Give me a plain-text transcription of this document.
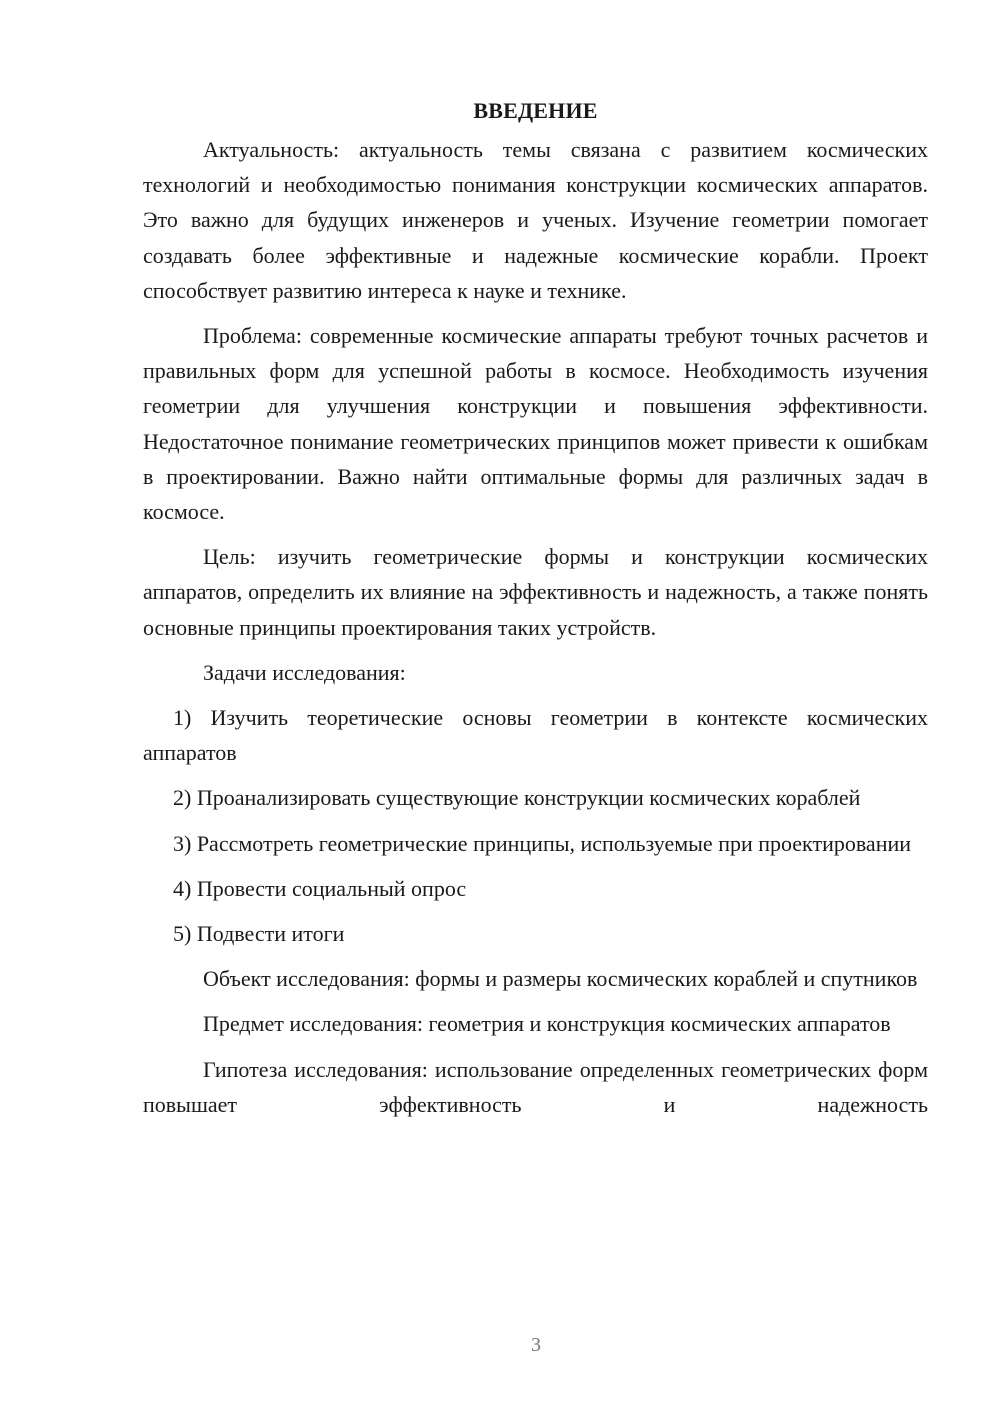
ВВЕДЕНИЕ

Актуальность: актуальность темы связана с развитием космических технологий и необходимостью понимания конструкции космических аппаратов. Это важно для будущих инженеров и ученых. Изучение геометрии помогает создавать более эффективные и надежные космические корабли. Проект способствует развитию интереса к науке и технике.

Проблема: современные космические аппараты требуют точных расчетов и правильных форм для успешной работы в космосе. Необходимость изучения геометрии для улучшения конструкции и повышения эффективности. Недостаточное понимание геометрических принципов может привести к ошибкам в проектировании. Важно найти оптимальные формы для различных задач в космосе.

Цель: изучить геометрические формы и конструкции космических аппаратов, определить их влияние на эффективность и надежность, а также понять основные принципы проектирования таких устройств.

Задачи исследования:

1) Изучить теоретические основы геометрии в контексте космических аппаратов

2) Проанализировать существующие конструкции космических кораблей

3) Рассмотреть геометрические принципы, используемые при проектировании

4) Провести социальный опрос

5) Подвести итоги

Объект исследования: формы и размеры космических кораблей и спутников

Предмет исследования: геометрия и конструкция космических аппаратов

Гипотеза исследования: использование определенных геометрических форм повышает эффективность и надежность

3
